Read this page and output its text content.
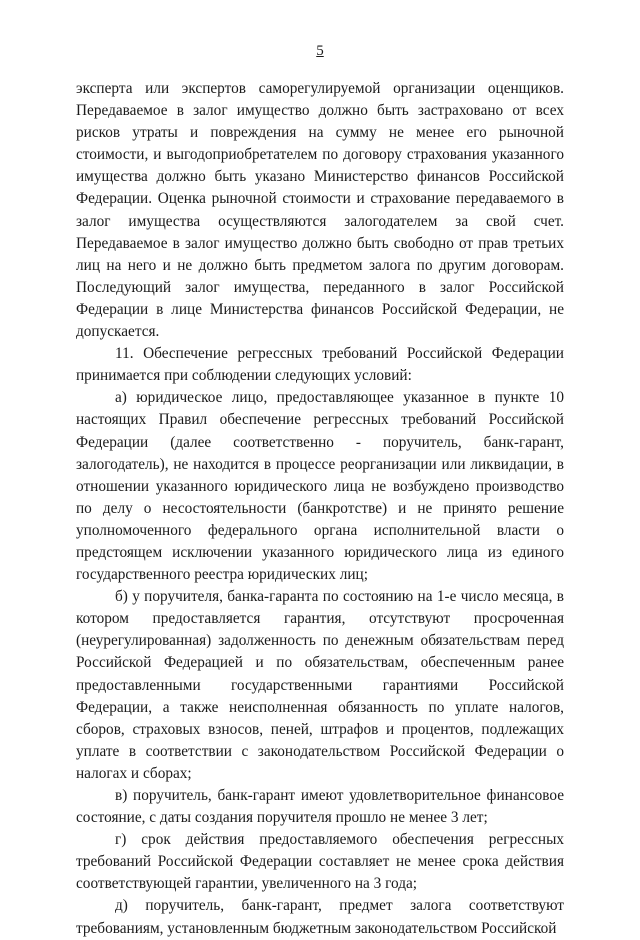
5

эксперта или экспертов саморегулируемой организации оценщиков. Передаваемое в залог имущество должно быть застраховано от всех рисков утраты и повреждения на сумму не менее его рыночной стоимости, и выгодоприобретателем по договору страхования указанного имущества должно быть указано Министерство финансов Российской Федерации. Оценка рыночной стоимости и страхование передаваемого в залог имущества осуществляются залогодателем за свой счет. Передаваемое в залог имущество должно быть свободно от прав третьих лиц на него и не должно быть предметом залога по другим договорам. Последующий залог имущества, переданного в залог Российской Федерации в лице Министерства финансов Российской Федерации, не допускается.

11. Обеспечение регрессных требований Российской Федерации принимается при соблюдении следующих условий:

а) юридическое лицо, предоставляющее указанное в пункте 10 настоящих Правил обеспечение регрессных требований Российской Федерации (далее соответственно - поручитель, банк-гарант, залогодатель), не находится в процессе реорганизации или ликвидации, в отношении указанного юридического лица не возбуждено производство по делу о несостоятельности (банкротстве) и не принято решение уполномоченного федерального органа исполнительной власти о предстоящем исключении указанного юридического лица из единого государственного реестра юридических лиц;

б) у поручителя, банка-гаранта по состоянию на 1-е число месяца, в котором предоставляется гарантия, отсутствуют просроченная (неурегулированная) задолженность по денежным обязательствам перед Российской Федерацией и по обязательствам, обеспеченным ранее предоставленными государственными гарантиями Российской Федерации, а также неисполненная обязанность по уплате налогов, сборов, страховых взносов, пеней, штрафов и процентов, подлежащих уплате в соответствии с законодательством Российской Федерации о налогах и сборах;

в) поручитель, банк-гарант имеют удовлетворительное финансовое состояние, с даты создания поручителя прошло не менее 3 лет;

г) срок действия предоставляемого обеспечения регрессных требований Российской Федерации составляет не менее срока действия соответствующей гарантии, увеличенного на 3 года;

д) поручитель, банк-гарант, предмет залога соответствуют требованиям, установленным бюджетным законодательством Российской
